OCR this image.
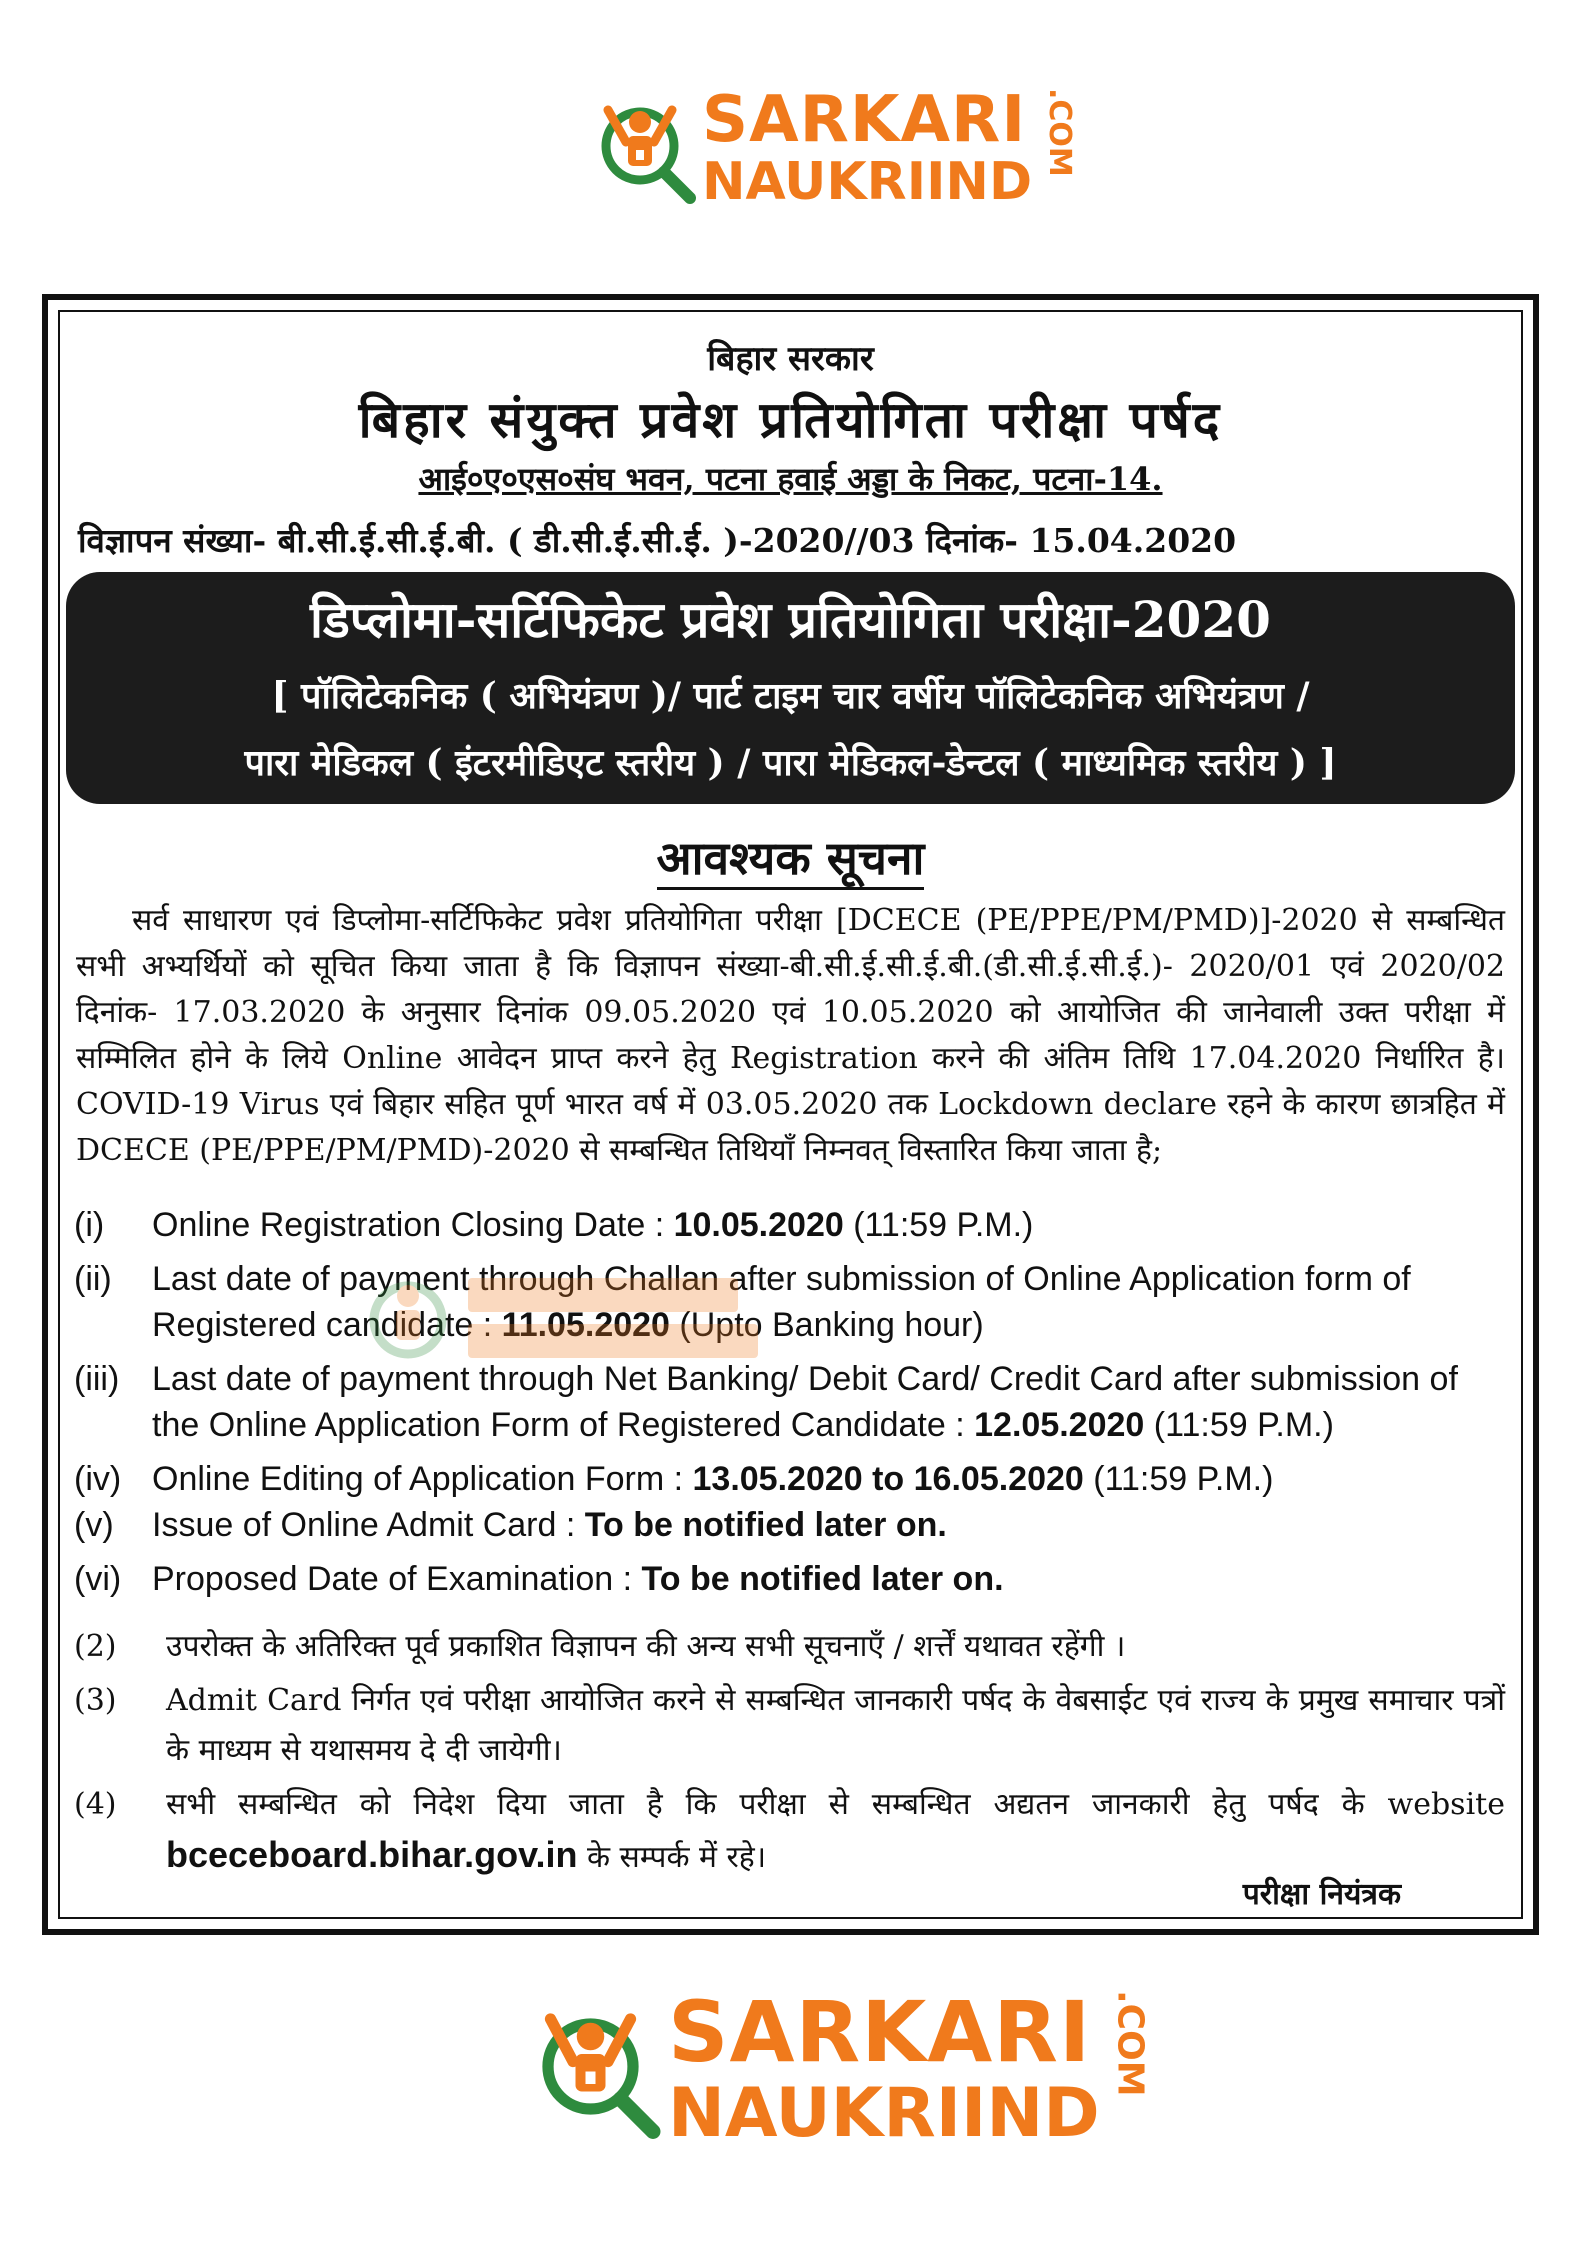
SARKARI
NAUKRIIND
.COM
बिहार सरकार
बिहार संयुक्त प्रवेश प्रतियोगिता परीक्षा पर्षद
आई०ए०एस०संघ भवन, पटना हवाई अड्डा के निकट, पटना-14.
विज्ञापन संख्या- बी.सी.ई.सी.ई.बी. ( डी.सी.ई.सी.ई. )-2020//03 दिनांक- 15.04.2020
डिप्लोमा-सर्टिफिकेट प्रवेश प्रतियोगिता परीक्षा-2020
[ पॉलिटेकनिक ( अभियंत्रण )/ पार्ट टाइम चार वर्षीय पॉलिटेकनिक अभियंत्रण /
पारा मेडिकल ( इंटरमीडिएट स्तरीय ) / पारा मेडिकल-डेन्टल ( माध्यमिक स्तरीय ) ]
आवश्यक सूचना

सर्व साधारण एवं डिप्लोमा-सर्टिफिकेट प्रवेश प्रतियोगिता परीक्षा [DCECE (PE/PPE/PM/PMD)]-2020 से सम्बन्धित सभी अभ्यर्थियों को सूचित किया जाता है कि विज्ञापन संख्या-बी.सी.ई.सी.ई.बी.(डी.सी.ई.सी.ई.)- 2020/01 एवं 2020/02 दिनांक- 17.03.2020 के अनुसार दिनांक 09.05.2020 एवं 10.05.2020 को आयोजित की जानेवाली उक्त परीक्षा में सम्मिलित होने के लिये Online आवेदन प्राप्त करने हेतु Registration करने की अंतिम तिथि 17.04.2020 निर्धारित है। COVID-19 Virus एवं बिहार सहित पूर्ण भारत वर्ष में 03.05.2020 तक Lockdown declare रहने के कारण छात्रहित में DCECE (PE/PPE/PM/PMD)-2020 से सम्बन्धित तिथियाँ निम्नवत् विस्तारित किया जाता है;

(i)	Online Registration Closing Date : 10.05.2020 (11:59 P.M.)
(ii)	Last date of payment through Challan after submission of Online Application form of Registered candidate : 11.05.2020 (Upto Banking hour)
(iii) Last date of payment through Net Banking/ Debit Card/ Credit Card after submission of the Online Application Form of Registered Candidate : 12.05.2020 (11:59 P.M.)
(iv) Online Editing of Application Form : 13.05.2020 to 16.05.2020 (11:59 P.M.)
(v)	Issue of Online Admit Card : To be notified later on.
(vi) Proposed Date of Examination : To be notified later on.
(2)	उपरोक्त के अतिरिक्त पूर्व प्रकाशित विज्ञापन की अन्य सभी सूचनाएँ / शर्त्तें यथावत रहेंगी ।
(3)	Admit Card निर्गत एवं परीक्षा आयोजित करने से सम्बन्धित जानकारी पर्षद के वेबसाईट एवं राज्य के प्रमुख समाचार पत्रों के माध्यम से यथासमय दे दी जायेगी।
(4)	सभी सम्बन्धित को निदेश दिया जाता है कि परीक्षा से सम्बन्धित अद्यतन जानकारी हेतु पर्षद के website bceceboard.bihar.gov.in के सम्पर्क में रहे।
परीक्षा नियंत्रक
SARKARI
NAUKRIIND
.COM
